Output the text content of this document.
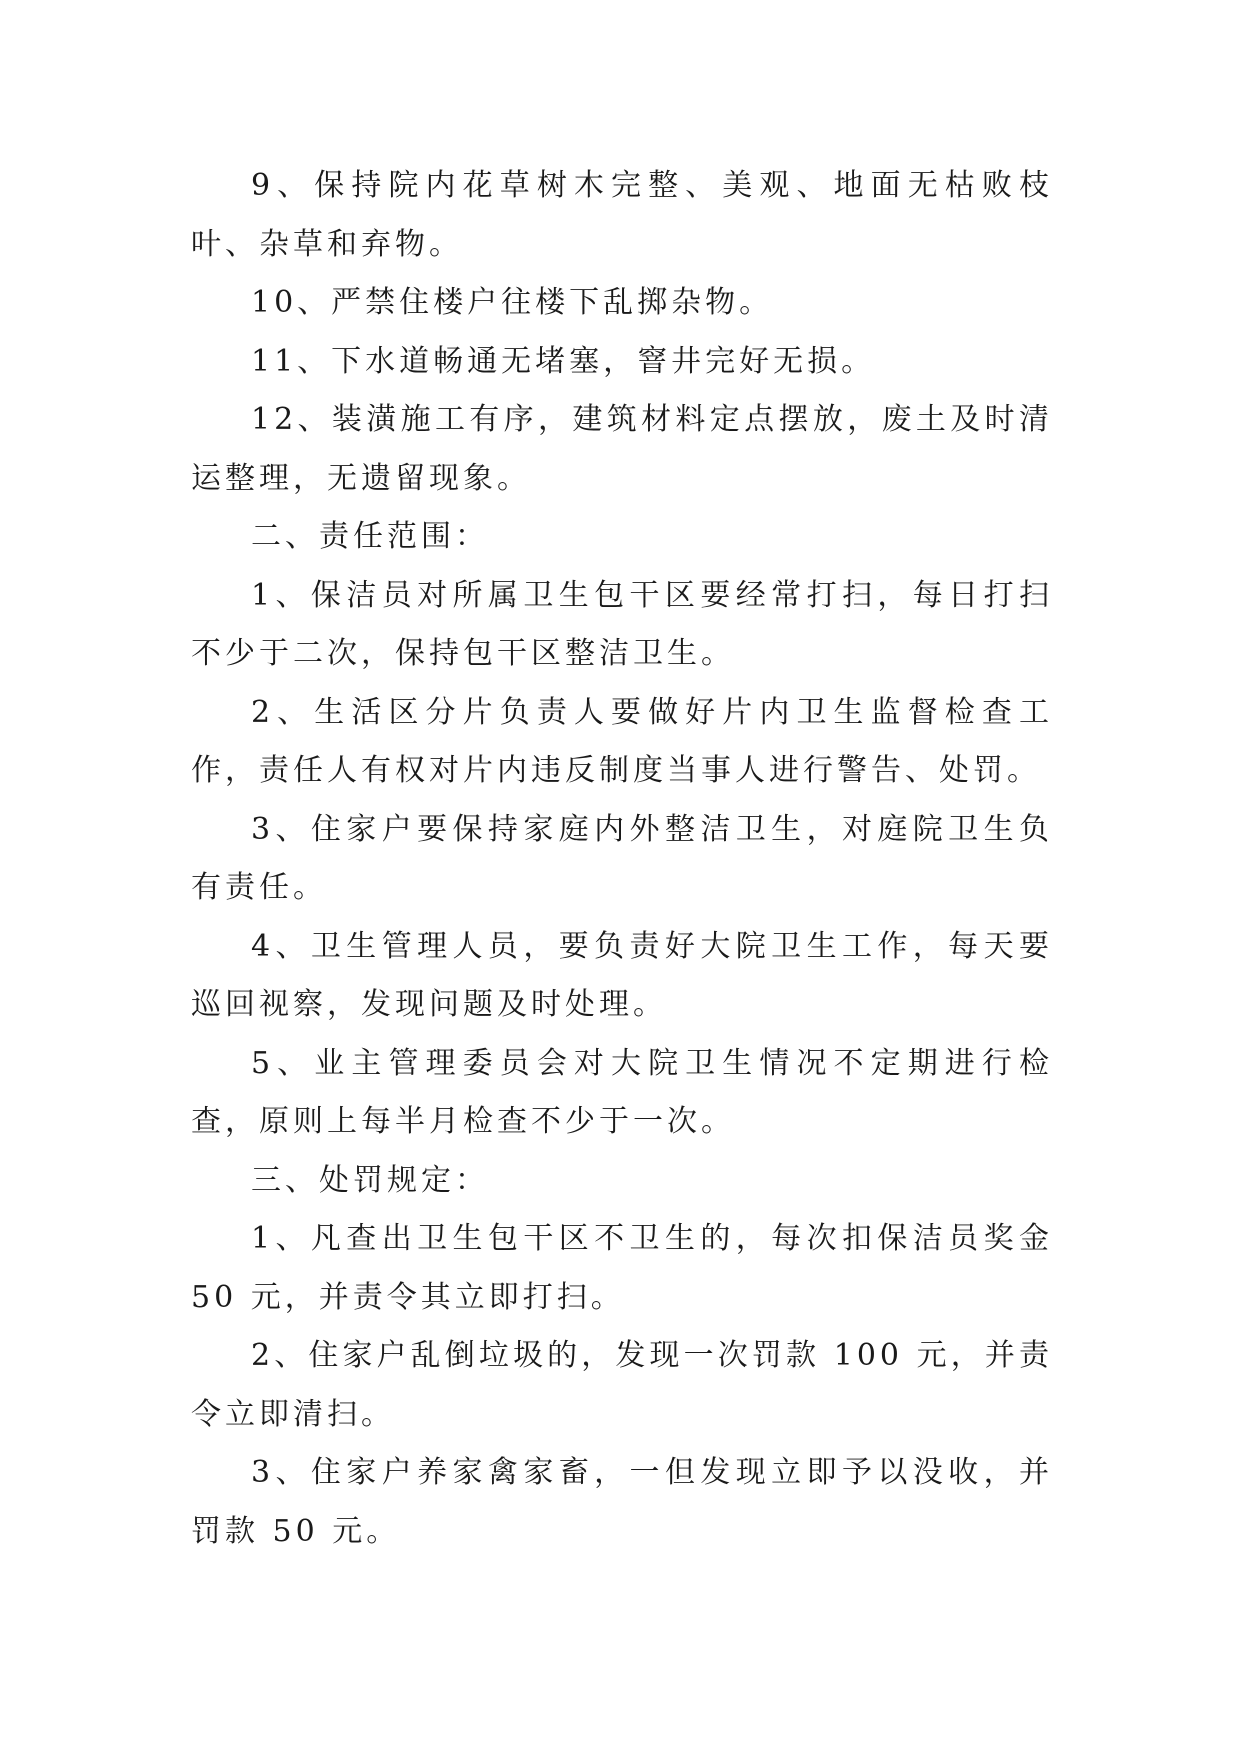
9、保持院内花草树木完整、美观、地面无枯败枝叶、杂草和弃物。

10、严禁住楼户往楼下乱掷杂物。

11、下水道畅通无堵塞，窨井完好无损。

12、装潢施工有序，建筑材料定点摆放，废土及时清运整理，无遗留现象。

二、责任范围：

1、保洁员对所属卫生包干区要经常打扫，每日打扫不少于二次，保持包干区整洁卫生。

2、生活区分片负责人要做好片内卫生监督检查工作，责任人有权对片内违反制度当事人进行警告、处罚。

3、住家户要保持家庭内外整洁卫生，对庭院卫生负有责任。

4、卫生管理人员，要负责好大院卫生工作，每天要巡回视察，发现问题及时处理。

5、业主管理委员会对大院卫生情况不定期进行检查，原则上每半月检查不少于一次。

三、处罚规定：

1、凡查出卫生包干区不卫生的，每次扣保洁员奖金 50 元，并责令其立即打扫。

2、住家户乱倒垃圾的，发现一次罚款 100 元，并责令立即清扫。

3、住家户养家禽家畜，一但发现立即予以没收，并罚款 50 元。
